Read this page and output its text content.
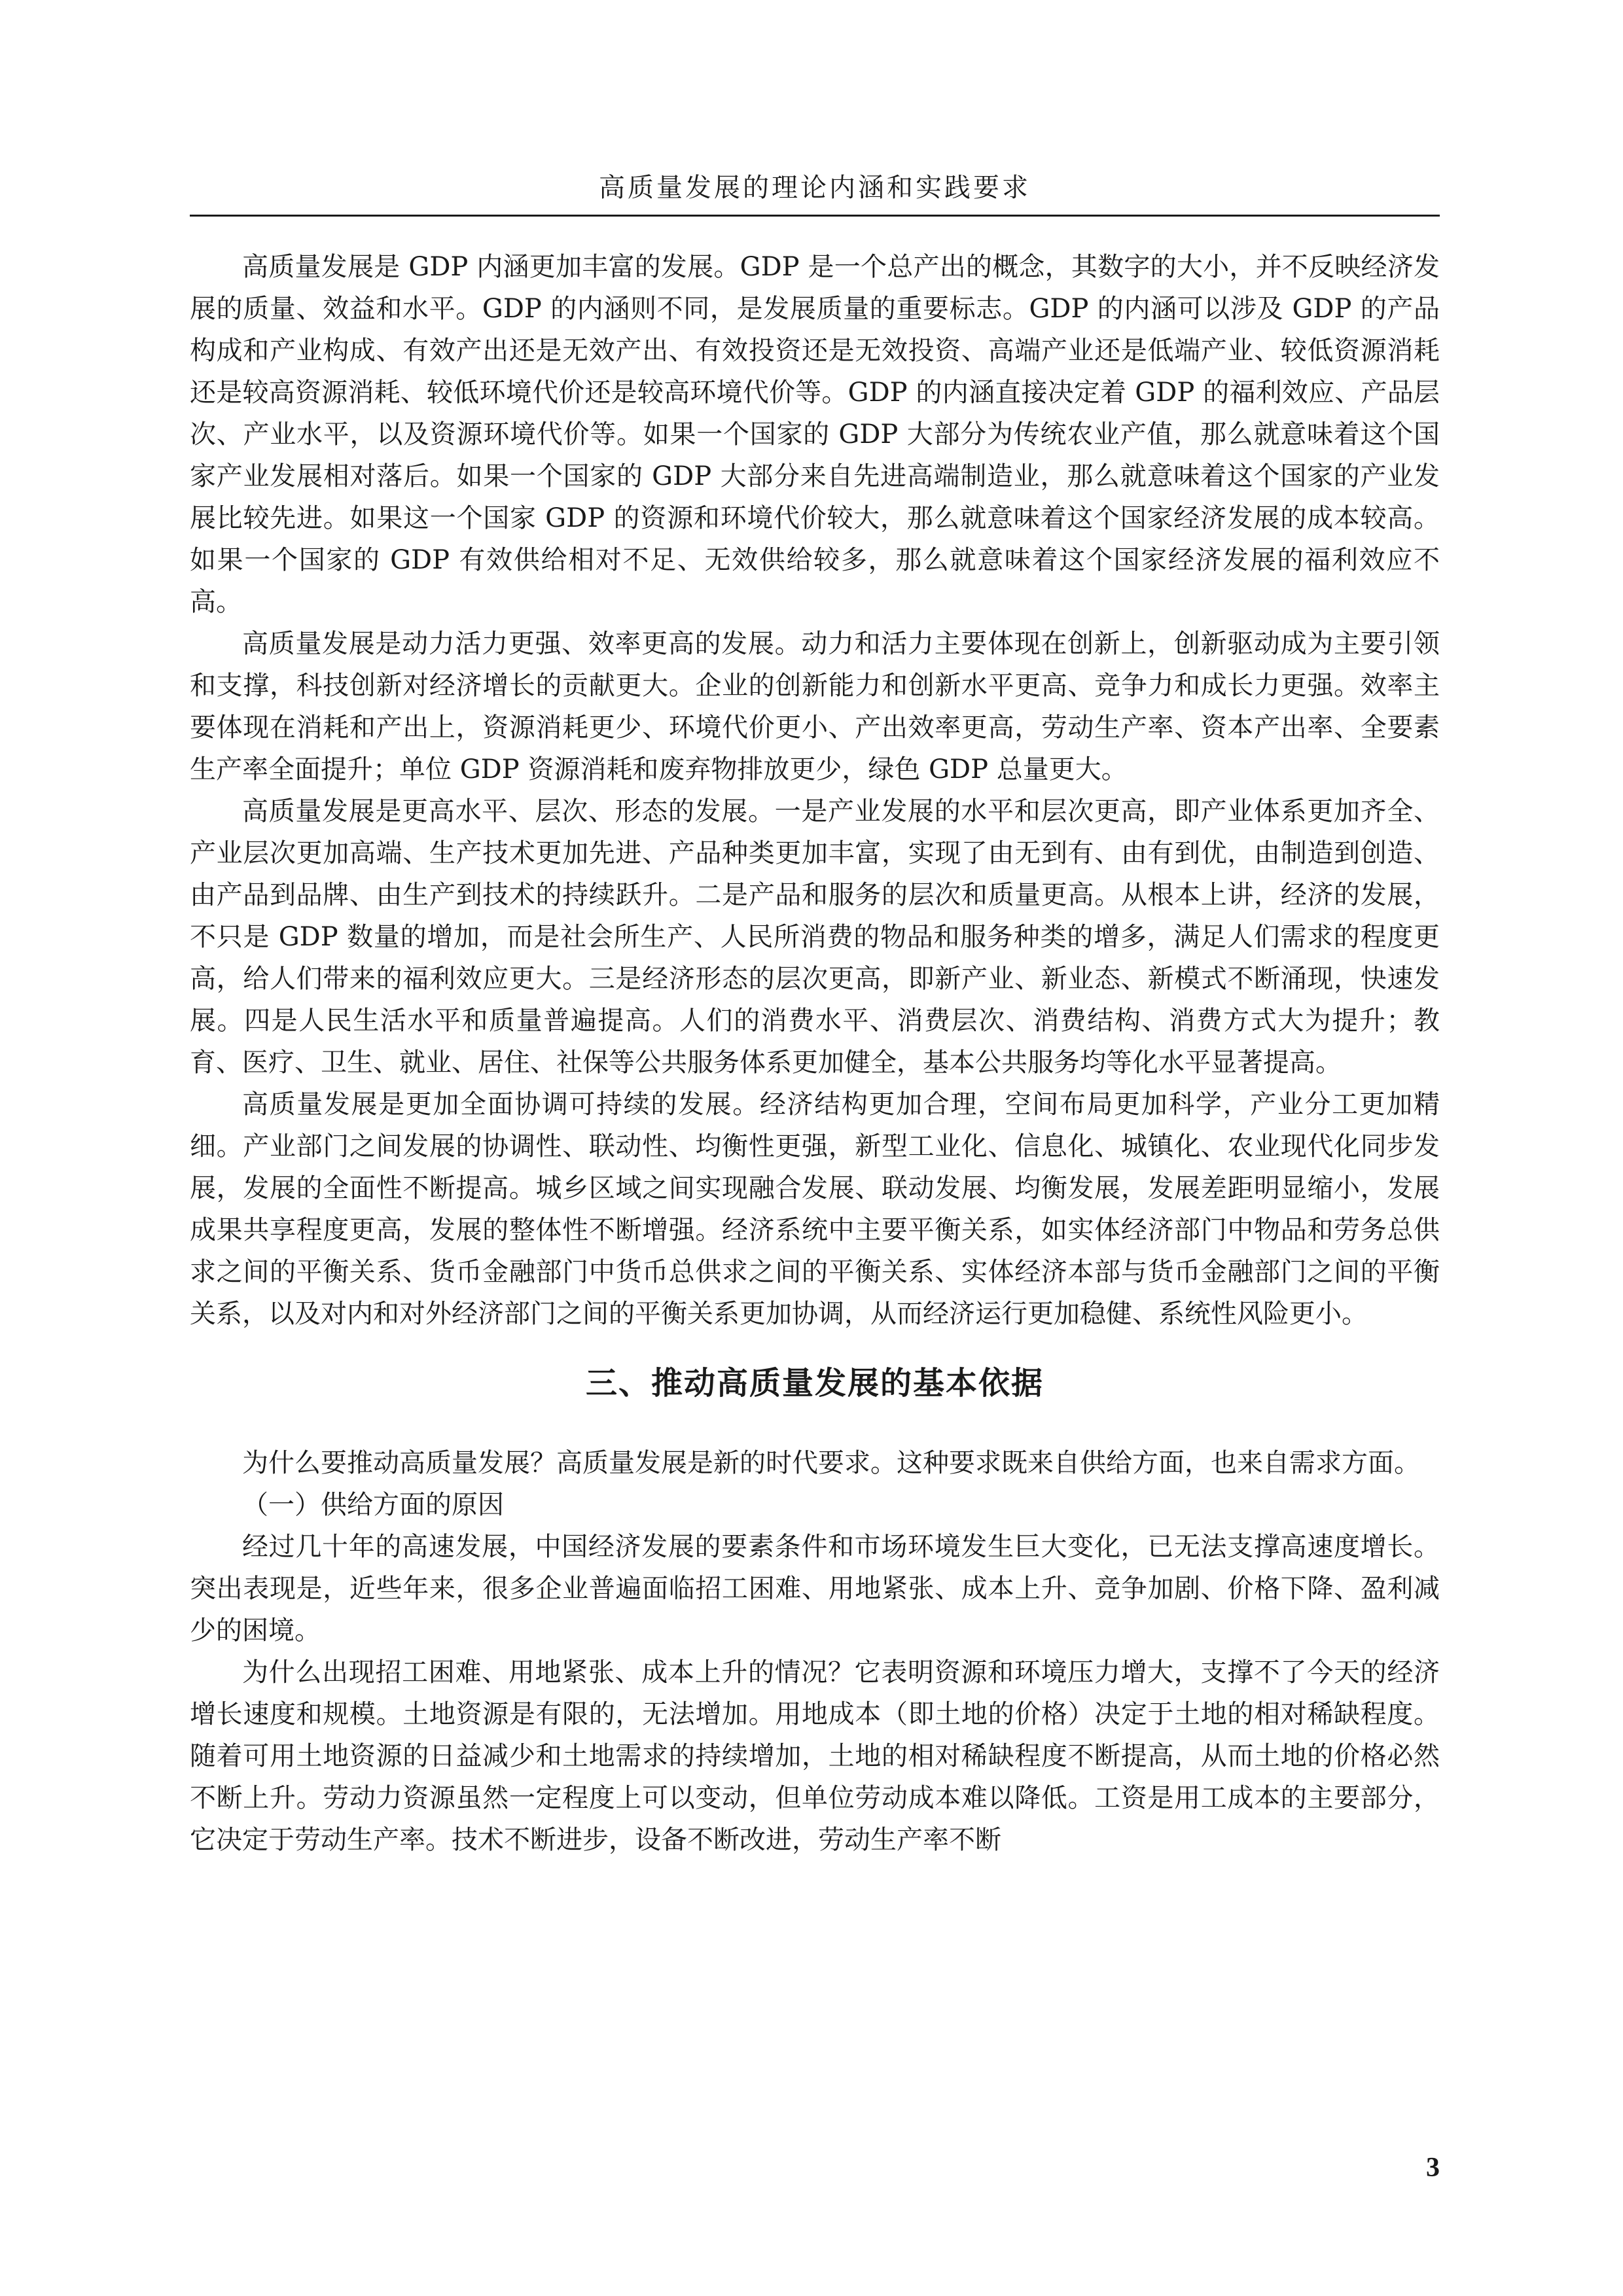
高质量发展的理论内涵和实践要求

高质量发展是 GDP 内涵更加丰富的发展。GDP 是一个总产出的概念，其数字的大小，并不反映经济发展的质量、效益和水平。GDP 的内涵则不同，是发展质量的重要标志。GDP 的内涵可以涉及 GDP 的产品构成和产业构成、有效产出还是无效产出、有效投资还是无效投资、高端产业还是低端产业、较低资源消耗还是较高资源消耗、较低环境代价还是较高环境代价等。GDP 的内涵直接决定着 GDP 的福利效应、产品层次、产业水平，以及资源环境代价等。如果一个国家的 GDP 大部分为传统农业产值，那么就意味着这个国家产业发展相对落后。如果一个国家的 GDP 大部分来自先进高端制造业，那么就意味着这个国家的产业发展比较先进。如果这一个国家 GDP 的资源和环境代价较大，那么就意味着这个国家经济发展的成本较高。如果一个国家的 GDP 有效供给相对不足、无效供给较多，那么就意味着这个国家经济发展的福利效应不高。

高质量发展是动力活力更强、效率更高的发展。动力和活力主要体现在创新上，创新驱动成为主要引领和支撑，科技创新对经济增长的贡献更大。企业的创新能力和创新水平更高、竞争力和成长力更强。效率主要体现在消耗和产出上，资源消耗更少、环境代价更小、产出效率更高，劳动生产率、资本产出率、全要素生产率全面提升；单位 GDP 资源消耗和废弃物排放更少，绿色 GDP 总量更大。

高质量发展是更高水平、层次、形态的发展。一是产业发展的水平和层次更高，即产业体系更加齐全、产业层次更加高端、生产技术更加先进、产品种类更加丰富，实现了由无到有、由有到优，由制造到创造、由产品到品牌、由生产到技术的持续跃升。二是产品和服务的层次和质量更高。从根本上讲，经济的发展，不只是 GDP 数量的增加，而是社会所生产、人民所消费的物品和服务种类的增多，满足人们需求的程度更高，给人们带来的福利效应更大。三是经济形态的层次更高，即新产业、新业态、新模式不断涌现，快速发展。四是人民生活水平和质量普遍提高。人们的消费水平、消费层次、消费结构、消费方式大为提升；教育、医疗、卫生、就业、居住、社保等公共服务体系更加健全，基本公共服务均等化水平显著提高。

高质量发展是更加全面协调可持续的发展。经济结构更加合理，空间布局更加科学，产业分工更加精细。产业部门之间发展的协调性、联动性、均衡性更强，新型工业化、信息化、城镇化、农业现代化同步发展，发展的全面性不断提高。城乡区域之间实现融合发展、联动发展、均衡发展，发展差距明显缩小，发展成果共享程度更高，发展的整体性不断增强。经济系统中主要平衡关系，如实体经济部门中物品和劳务总供求之间的平衡关系、货币金融部门中货币总供求之间的平衡关系、实体经济本部与货币金融部门之间的平衡关系，以及对内和对外经济部门之间的平衡关系更加协调，从而经济运行更加稳健、系统性风险更小。

三、推动高质量发展的基本依据

为什么要推动高质量发展？高质量发展是新的时代要求。这种要求既来自供给方面，也来自需求方面。

（一）供给方面的原因

经过几十年的高速发展，中国经济发展的要素条件和市场环境发生巨大变化，已无法支撑高速度增长。突出表现是，近些年来，很多企业普遍面临招工困难、用地紧张、成本上升、竞争加剧、价格下降、盈利减少的困境。

为什么出现招工困难、用地紧张、成本上升的情况？它表明资源和环境压力增大，支撑不了今天的经济增长速度和规模。土地资源是有限的，无法增加。用地成本（即土地的价格）决定于土地的相对稀缺程度。随着可用土地资源的日益减少和土地需求的持续增加，土地的相对稀缺程度不断提高，从而土地的价格必然不断上升。劳动力资源虽然一定程度上可以变动，但单位劳动成本难以降低。工资是用工成本的主要部分，它决定于劳动生产率。技术不断进步，设备不断改进，劳动生产率不断

3
